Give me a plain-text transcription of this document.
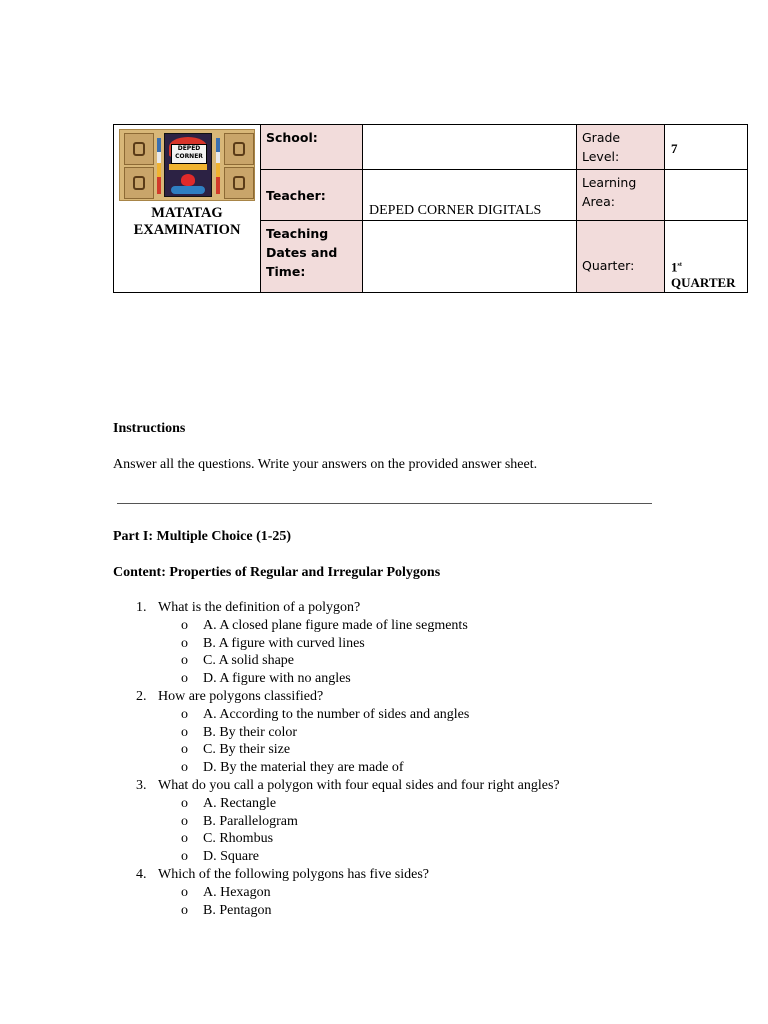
DEPED CORNER
MATATAG
EXAMINATION	School:		Grade Level:	7
	Teacher:	DEPED CORNER DIGITALS	Learning Area:	
	Teaching Dates and Time:		Quarter:	1st
QUARTER
Instructions
Answer all the questions. Write your answers on the provided answer sheet.
Part I: Multiple Choice (1-25)
Content: Properties of Regular and Irregular Polygons
1. What is the definition of a polygon?
o A. A closed plane figure made of line segments
o B. A figure with curved lines
o C. A solid shape
o D. A figure with no angles
2. How are polygons classified?
o A. According to the number of sides and angles
o B. By their color
o C. By their size
o D. By the material they are made of
3. What do you call a polygon with four equal sides and four right angles?
o A. Rectangle
o B. Parallelogram
o C. Rhombus
o D. Square
4. Which of the following polygons has five sides?
o A. Hexagon
o B. Pentagon
